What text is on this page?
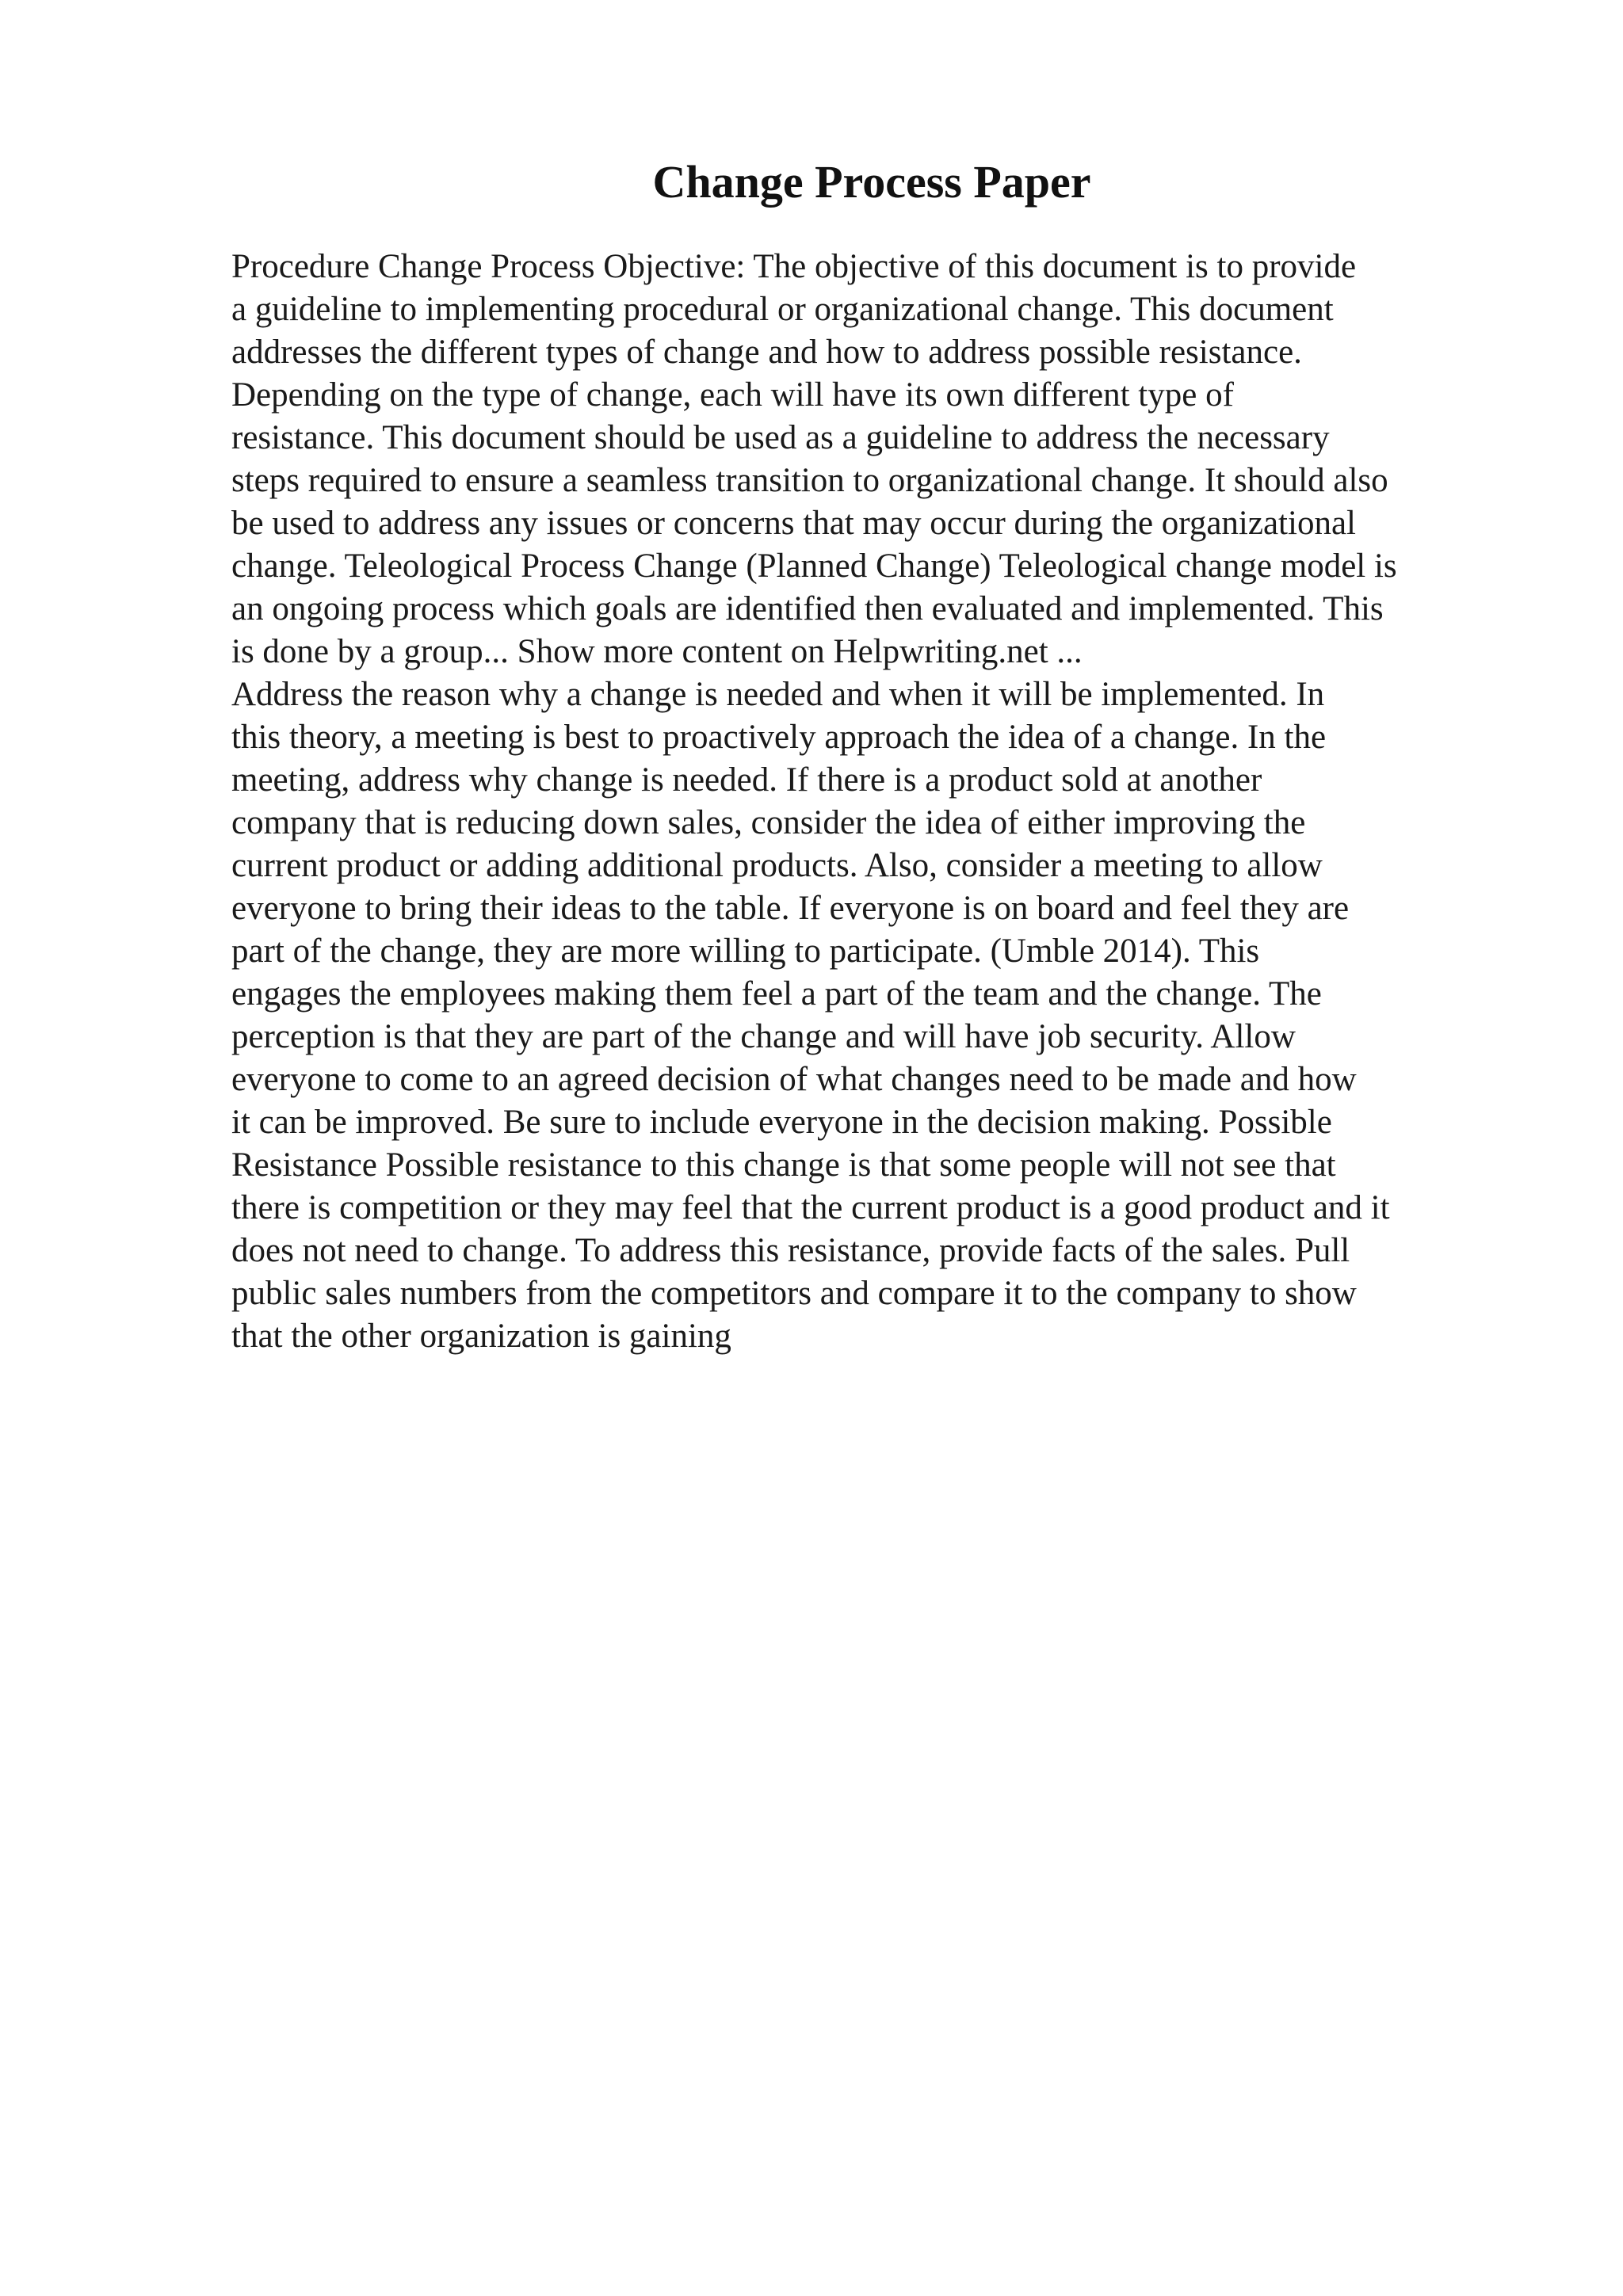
Change Process Paper
Procedure Change Process Objective: The objective of this document is to provide
a guideline to implementing procedural or organizational change. This document
addresses the different types of change and how to address possible resistance.
Depending on the type of change, each will have its own different type of
resistance. This document should be used as a guideline to address the necessary
steps required to ensure a seamless transition to organizational change. It should also
be used to address any issues or concerns that may occur during the organizational
change. Teleological Process Change (Planned Change) Teleological change model is
an ongoing process which goals are identified then evaluated and implemented. This
is done by a group... Show more content on Helpwriting.net ...
Address the reason why a change is needed and when it will be implemented. In
this theory, a meeting is best to proactively approach the idea of a change. In the
meeting, address why change is needed. If there is a product sold at another
company that is reducing down sales, consider the idea of either improving the
current product or adding additional products. Also, consider a meeting to allow
everyone to bring their ideas to the table. If everyone is on board and feel they are
part of the change, they are more willing to participate. (Umble 2014). This
engages the employees making them feel a part of the team and the change. The
perception is that they are part of the change and will have job security. Allow
everyone to come to an agreed decision of what changes need to be made and how
it can be improved. Be sure to include everyone in the decision making. Possible
Resistance Possible resistance to this change is that some people will not see that
there is competition or they may feel that the current product is a good product and it
does not need to change. To address this resistance, provide facts of the sales. Pull
public sales numbers from the competitors and compare it to the company to show
that the other organization is gaining
